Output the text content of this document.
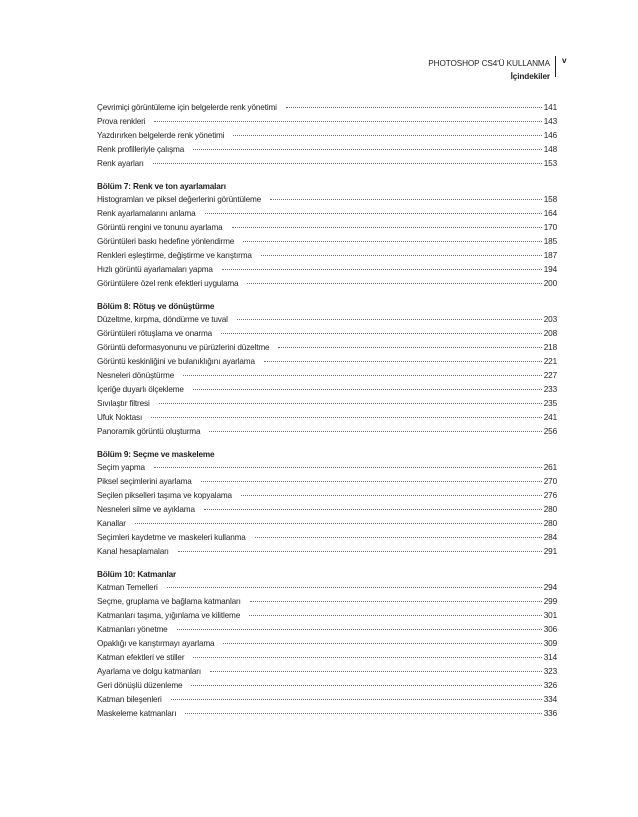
PHOTOSHOP CS4'Ü KULLANMA
İçindekiler
v
Çevrimiçi görüntüleme için belgelerde renk yönetimi	141
Prova renkleri	143
Yazdırırken belgelerde renk yönetimi	146
Renk profilleriyle çalışma	148
Renk ayarları	153
Bölüm 7: Renk ve ton ayarlamaları
Histogramları ve piksel değerlerini görüntüleme	158
Renk ayarlamalarını anlama	164
Görüntü rengini ve tonunu ayarlama	170
Görüntüleri baskı hedefine yönlendirme	185
Renkleri eşleştirme, değiştirme ve karıştırma	187
Hızlı görüntü ayarlamaları yapma	194
Görüntülere özel renk efektleri uygulama	200
Bölüm 8: Rötuş ve dönüştürme
Düzeltme, kırpma, döndürme ve tuval	203
Görüntüleri rötuşlama ve onarma	208
Görüntü deformasyonunu ve pürüzlerini düzeltme	218
Görüntü keskinliğini ve bulanıklığını ayarlama	221
Nesneleri dönüştürme	227
İçeriğe duyarlı ölçekleme	233
Sıvılaştır filtresi	235
Ufuk Noktası	241
Panoramik görüntü oluşturma	256
Bölüm 9: Seçme ve maskeleme
Seçim yapma	261
Piksel seçimlerini ayarlama	270
Seçilen pikselleri taşıma ve kopyalama	276
Nesneleri silme ve ayıklama	280
Kanallar	280
Seçimleri kaydetme ve maskeleri kullanma	284
Kanal hesaplamaları	291
Bölüm 10: Katmanlar
Katman Temelleri	294
Seçme, gruplama ve bağlama katmanları	299
Katmanları taşıma, yığınlama ve kilitleme	301
Katmanları yönetme	306
Opaklığı ve karıştırmayı ayarlama	309
Katman efektleri ve stiller	314
Ayarlama ve dolgu katmanları	323
Geri dönüşlü düzenleme	326
Katman bileşenleri	334
Maskeleme katmanları	336
